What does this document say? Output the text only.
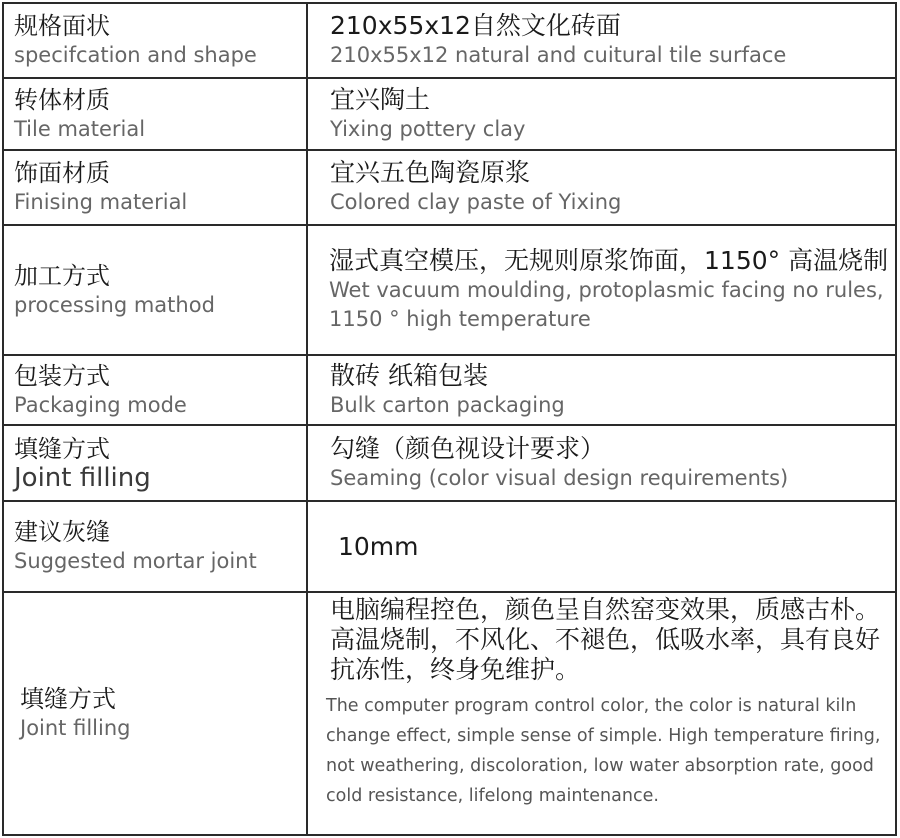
规格面状
specifcation and shape
210x55x12自然文化砖面
210x55x12 natural and cuitural tile surface
转体材质
Tile material
宜兴陶土
Yixing pottery clay
饰面材质
Finising material
宜兴五色陶瓷原浆
Colored clay paste of Yixing
加工方式
processing mathod
湿式真空模压，无规则原浆饰面，1150° 高温烧制
Wet vacuum moulding, protoplasmic facing no rules, 1150 ° high temperature
包装方式
Packaging mode
散砖 纸箱包装
Bulk carton packaging
填缝方式
Joint filling
勾缝（颜色视设计要求）
Seaming (color visual design requirements)
建议灰缝
Suggested mortar joint
10mm
填缝方式
Joint filling
电脑编程控色，颜色呈自然窑变效果，质感古朴。高温烧制，不风化、不褪色，低吸水率，具有良好抗冻性，终身免维护。
The computer program control color, the color is natural kiln change effect, simple sense of simple. High temperature firing, not weathering, discoloration, low water absorption rate, good cold resistance, lifelong maintenance.
